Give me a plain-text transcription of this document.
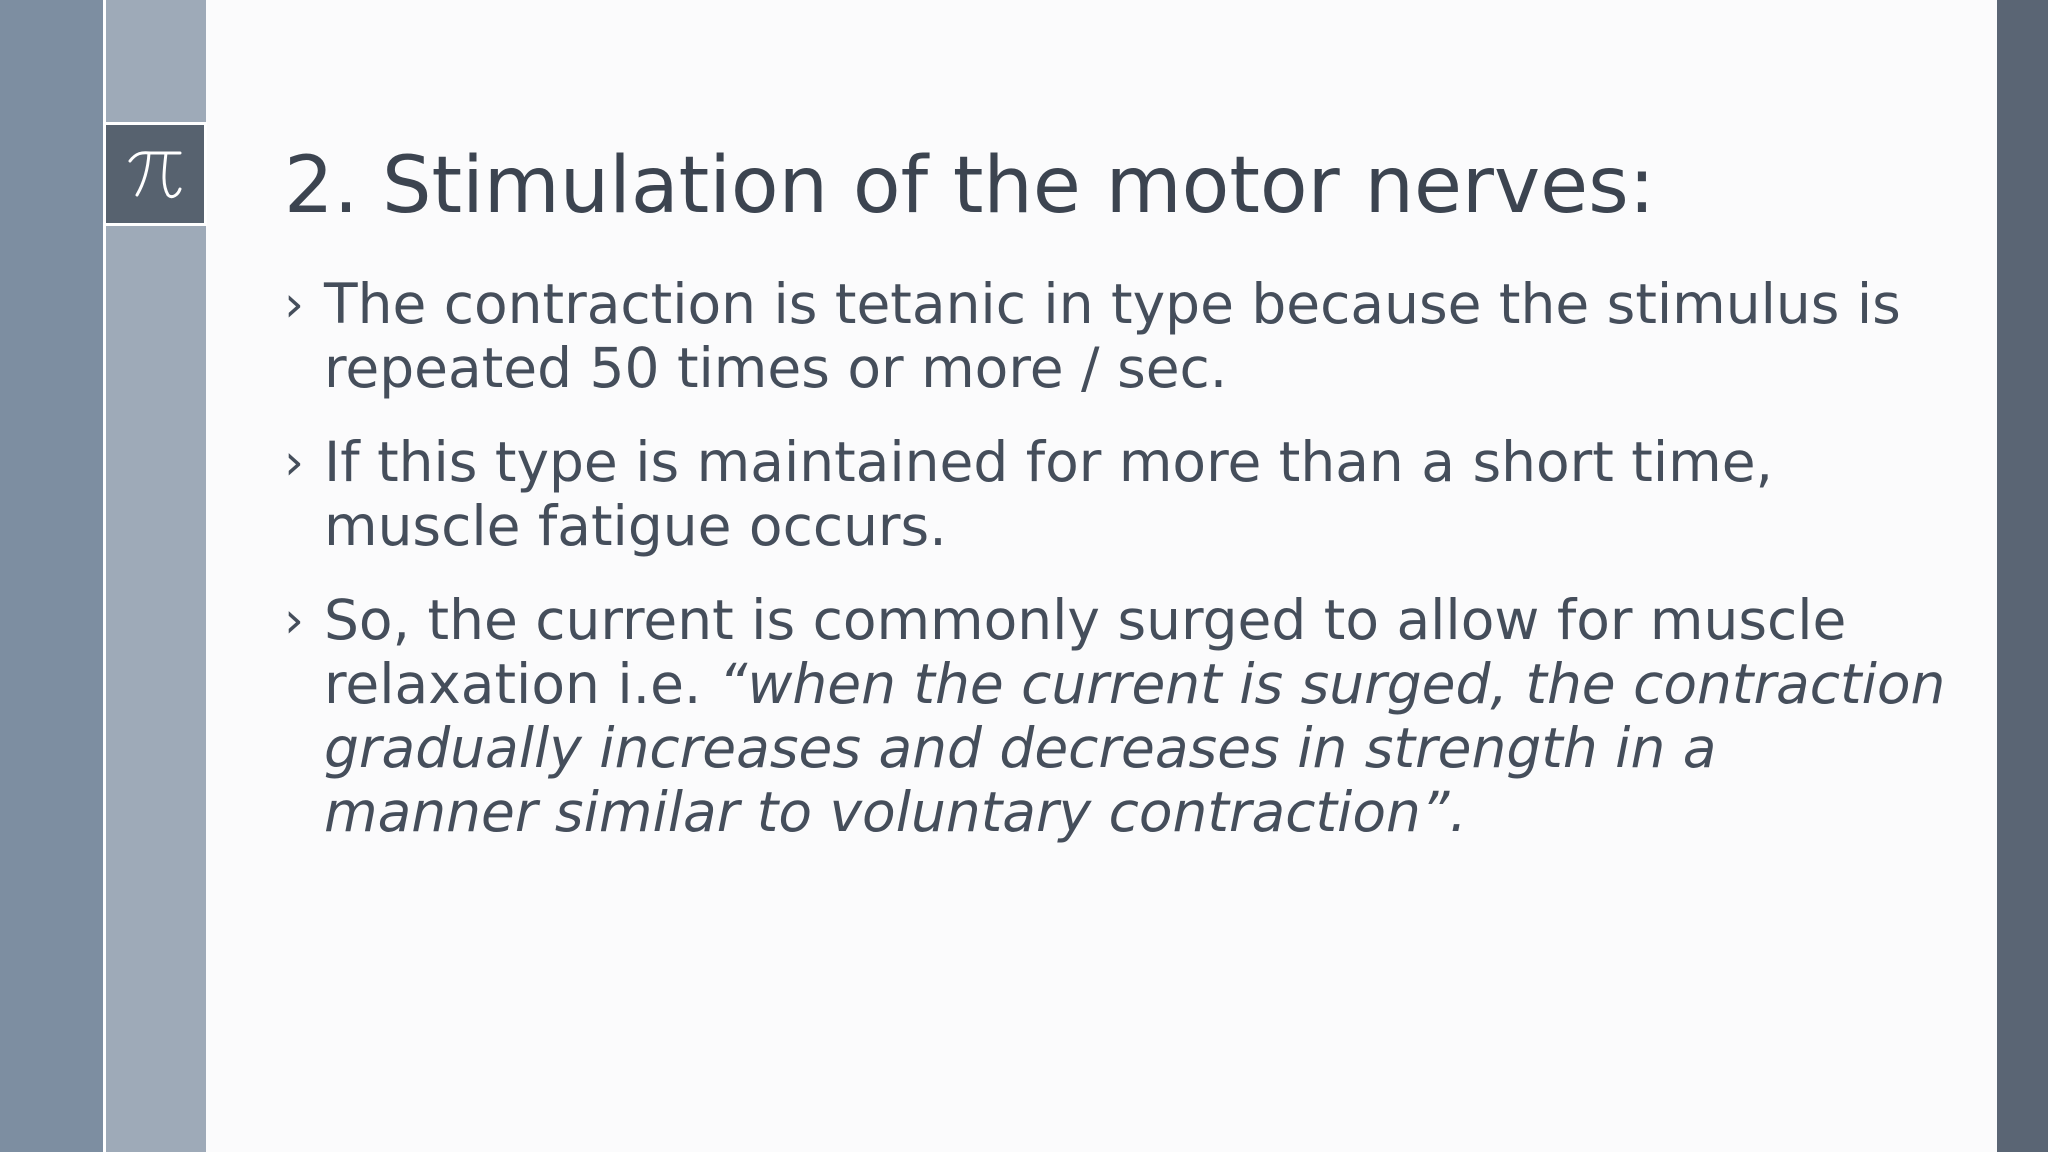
2. Stimulation of the motor nerves:
› The contraction is tetanic in type because the stimulus is
repeated 50 times or more / sec.
› If this type is maintained for more than a short time,
muscle fatigue occurs.
› So, the current is commonly surged to allow for muscle
relaxation i.e. “when the current is surged, the contraction
gradually increases and decreases in strength in a
manner similar to voluntary contraction”.
